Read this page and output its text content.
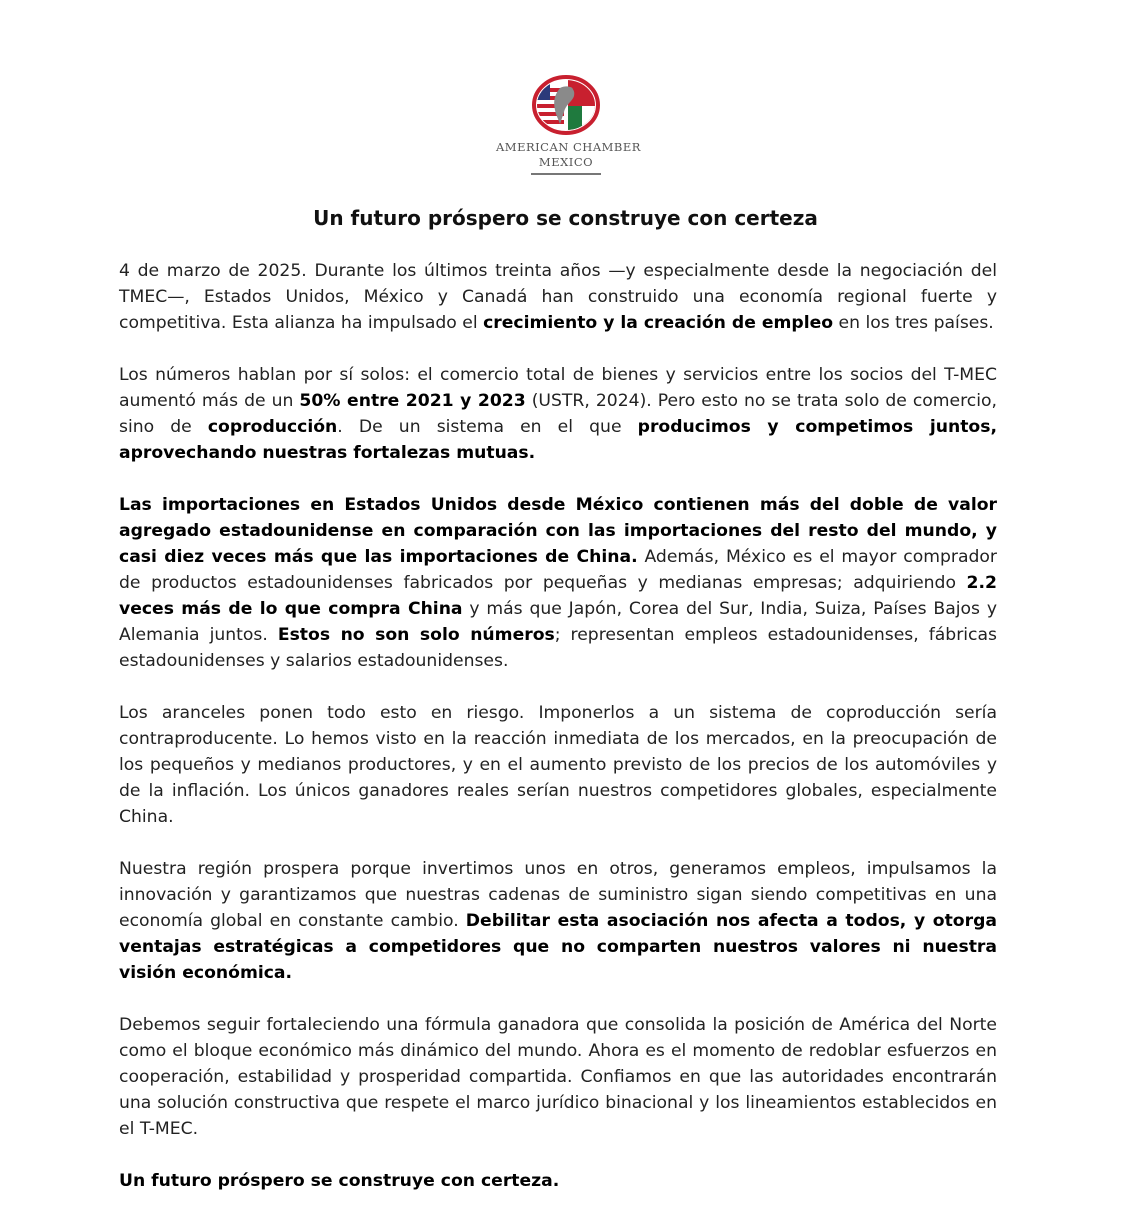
AMERICAN CHAMBER
MEXICO
Un futuro próspero se construye con certeza

4 de marzo de 2025. Durante los últimos treinta años —y especialmente desde la negociación del TMEC—, Estados Unidos, México y Canadá han construido una economía regional fuerte y competitiva. Esta alianza ha impulsado el crecimiento y la creación de empleo en los tres países.

Los números hablan por sí solos: el comercio total de bienes y servicios entre los socios del T-MEC aumentó más de un 50% entre 2021 y 2023 (USTR, 2024). Pero esto no se trata solo de comercio, sino de coproducción. De un sistema en el que producimos y competimos juntos, aprovechando nuestras fortalezas mutuas.

Las importaciones en Estados Unidos desde México contienen más del doble de valor agregado estadounidense en comparación con las importaciones del resto del mundo, y casi diez veces más que las importaciones de China. Además, México es el mayor comprador de productos estadounidenses fabricados por pequeñas y medianas empresas; adquiriendo 2.2 veces más de lo que compra China y más que Japón, Corea del Sur, India, Suiza, Países Bajos y Alemania juntos. Estos no son solo números; representan empleos estadounidenses, fábricas estadounidenses y salarios estadounidenses.

Los aranceles ponen todo esto en riesgo. Imponerlos a un sistema de coproducción sería contraproducente. Lo hemos visto en la reacción inmediata de los mercados, en la preocupación de los pequeños y medianos productores, y en el aumento previsto de los precios de los automóviles y de la inflación. Los únicos ganadores reales serían nuestros competidores globales, especialmente China.

Nuestra región prospera porque invertimos unos en otros, generamos empleos, impulsamos la innovación y garantizamos que nuestras cadenas de suministro sigan siendo competitivas en una economía global en constante cambio. Debilitar esta asociación nos afecta a todos, y otorga ventajas estratégicas a competidores que no comparten nuestros valores ni nuestra visión económica.

Debemos seguir fortaleciendo una fórmula ganadora que consolida la posición de América del Norte como el bloque económico más dinámico del mundo. Ahora es el momento de redoblar esfuerzos en cooperación, estabilidad y prosperidad compartida. Confiamos en que las autoridades encontrarán una solución constructiva que respete el marco jurídico binacional y los lineamientos establecidos en el T-MEC.

Un futuro próspero se construye con certeza.
